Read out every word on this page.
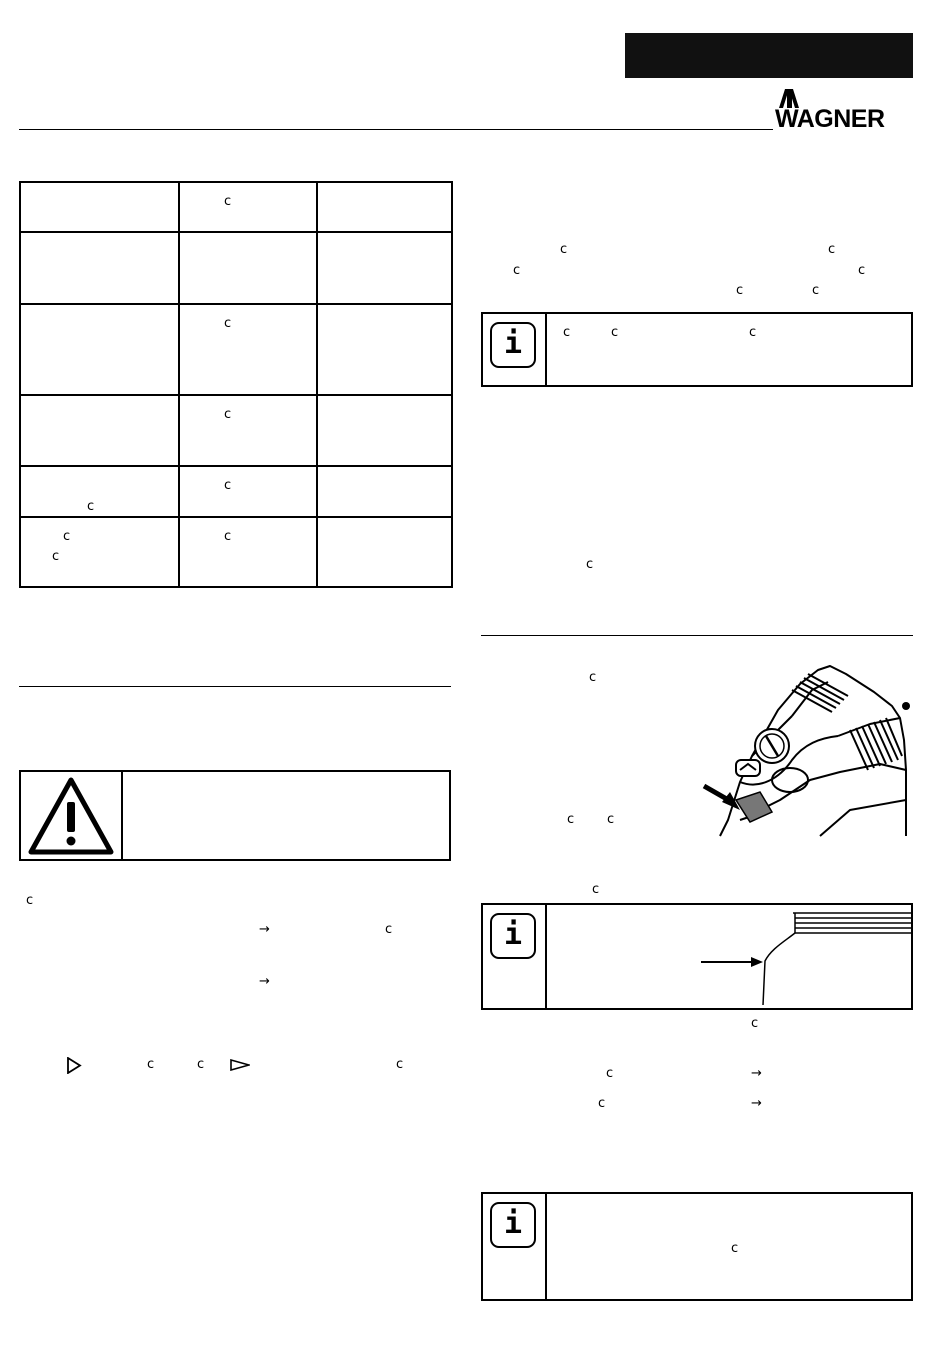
WAGNER

	c	

	c	

	c	

c	c	

c
c	c	

c
→	c
→
c	c	c
c	c
c	c
c	c
i	c	c	c
c
c
c	c
c
i
c
c	→
c	→
i
c
